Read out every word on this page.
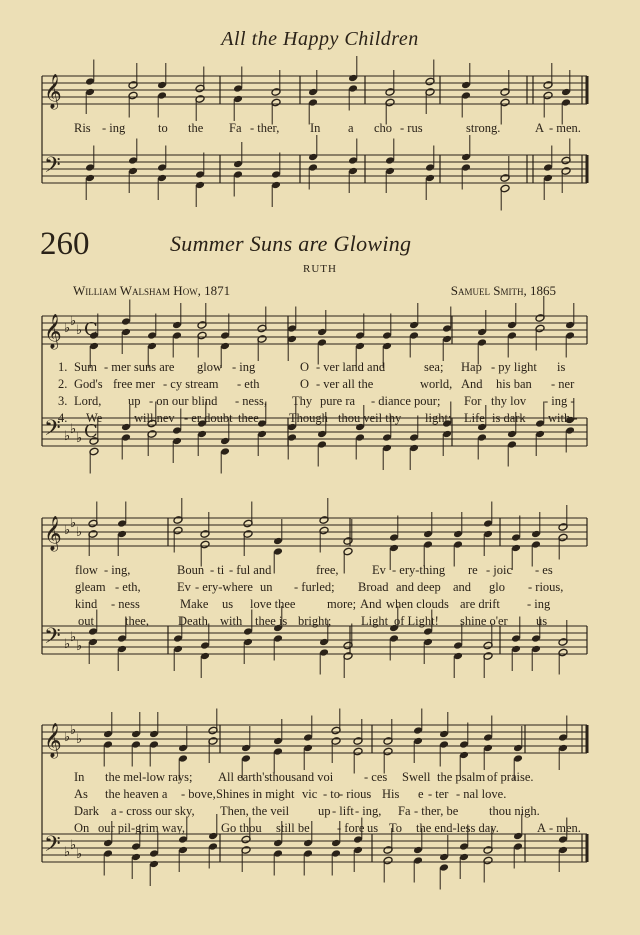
All the Happy Children
𝄞
𝄢
𝄞
𝄢
♭ ♭
♭
♭ ♭
♭
C
C
𝄞
𝄢
♭ ♭
♭
♭ ♭
♭
𝄞
𝄢
♭ ♭
♭
♭ ♭
♭
Ris - ing	to the Fa - ther, In a cho - rus	strong.	A - men.
260	Summer Suns are Glowing
RUTH
William Walsham How, 1871	Samuel Smith, 1865
1. Sum - mer suns are glow - ing	O - ver land and	sea; Hap - py light is
2. God's free mer - cy stream - eth	O - ver all the	world, And his ban - ner
3. Lord, up - on our blind - ness, Thy pure ra - diance pour; For thy lov - ing -
4. We	will nev - er doubt thee, Though thou veil thy light; Life is dark with -
flow - ing,	Boun - ti - ful and	free,	Ev - ery-thing re - joic - es
gleam - eth,	Ev - ery-where un - furled; Broad and deep and glo - rious,
kind - ness	Make us love thee	more; And when clouds are drift - ing
out thee, Death with thee is bright; Light of Light! shine o'er us
In the mel-low rays; All earth's thousand voi - ces Swell the psalm of praise.
As the heaven a - bove, Shines in might vic - to
- rious His e - ter - nal love.
Dark a - cross our sky, Then, the veil up - lift - ing, Fa - ther, be thou nigh.
On our pil-grim way,	Go thou still be - fore us To the end-less day.	A - men.
